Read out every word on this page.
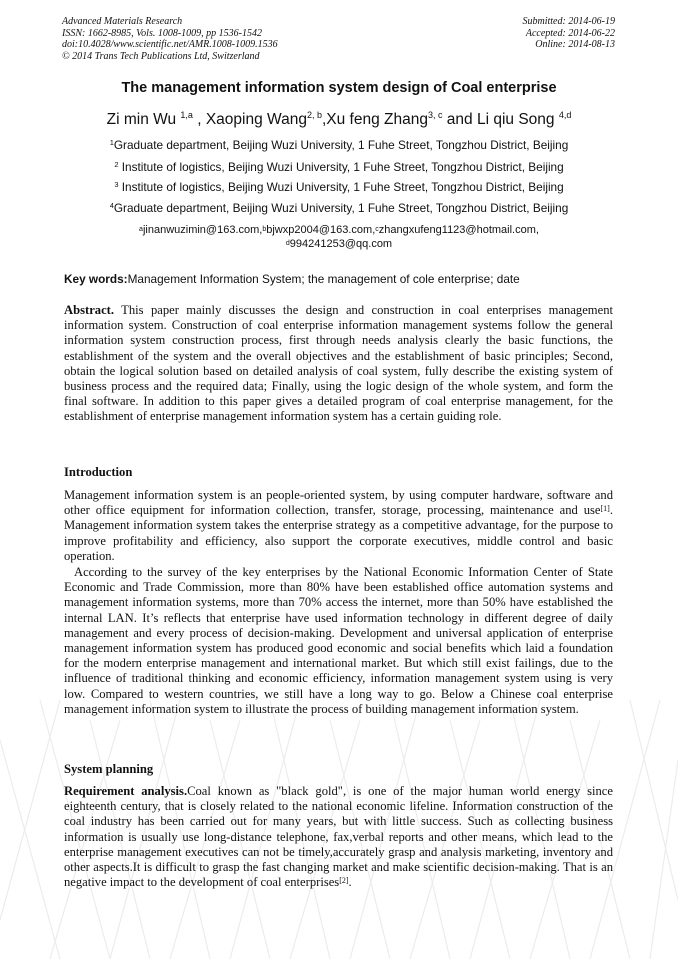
Advanced Materials Research
ISSN: 1662-8985, Vols. 1008-1009, pp 1536-1542
doi:10.4028/www.scientific.net/AMR.1008-1009.1536
© 2014 Trans Tech Publications Ltd, Switzerland
Submitted: 2014-06-19
Accepted: 2014-06-22
Online: 2014-08-13
The management information system design of Coal enterprise
Zi min Wu $^{1,a}$ , Xaoping Wang$^{2, b}$,Xu feng Zhang$^{3, c}$ and Li qiu Song $^{4,d}$
$^1$Graduate department, Beijing Wuzi University, 1 Fuhe Street, Tongzhou District, Beijing
$^2$ Institute of logistics, Beijing Wuzi University, 1 Fuhe Street, Tongzhou District, Beijing
$^3$ Institute of logistics, Beijing Wuzi University, 1 Fuhe Street, Tongzhou District, Beijing
$^4$Graduate department, Beijing Wuzi University, 1 Fuhe Street, Tongzhou District, Beijing
$^a$jinanwuzimin@163.com,$^b$bjwxp2004@163.com,$^c$zhangxufeng1123@hotmail.com,
$^d$994241253@qq.com
Key words:Management Information System; the management of cole enterprise; date
Abstract. This paper mainly discusses the design and construction in coal enterprises management information system. Construction of coal enterprise information management systems follow the general information system construction process, first through needs analysis clearly the basic functions, the establishment of the system and the overall objectives and the establishment of basic principles; Second, obtain the logical solution based on detailed analysis of coal system, fully describe the existing system of business process and the required data; Finally, using the logic design of the whole system, and form the final software. In addition to this paper gives a detailed program of coal enterprise management, for the establishment of enterprise management information system has a certain guiding role.
Introduction
Management information system is an people-oriented system, by using computer hardware, software and other office equipment for information collection, transfer, storage, processing, maintenance and use[1]. Management information system takes the enterprise strategy as a competitive advantage, for the purpose to improve profitability and efficiency, also support the corporate executives, middle control and basic operation.
According to the survey of the key enterprises by the National Economic Information Center of State Economic and Trade Commission, more than 80% have been established office automation systems and management information systems, more than 70% access the internet, more than 50% have established the internal LAN. It’s reflects that enterprise have used information technology in different degree of daily management and every process of decision-making. Development and universal application of enterprise management information system has produced good economic and social benefits which laid a foundation for the modern enterprise management and international market. But which still exist failings, due to the influence of traditional thinking and economic efficiency, information management system using is very low. Compared to western countries, we still have a long way to go. Below a Chinese coal enterprise management information system to illustrate the process of building management information system.
System planning
Requirement analysis.Coal known as "black gold", is one of the major human world energy since eighteenth century, that is closely related to the national economic lifeline. Information construction of the coal industry has been carried out for many years, but with little success. Such as collecting business information is usually use long-distance telephone, fax,verbal reports and other means, which lead to the enterprise management executives can not be timely,accurately grasp and analysis marketing, inventory and other aspects.It is difficult to grasp the fast changing market and make scientific decision-making. That is an negative impact to the development of coal enterprises[2].
